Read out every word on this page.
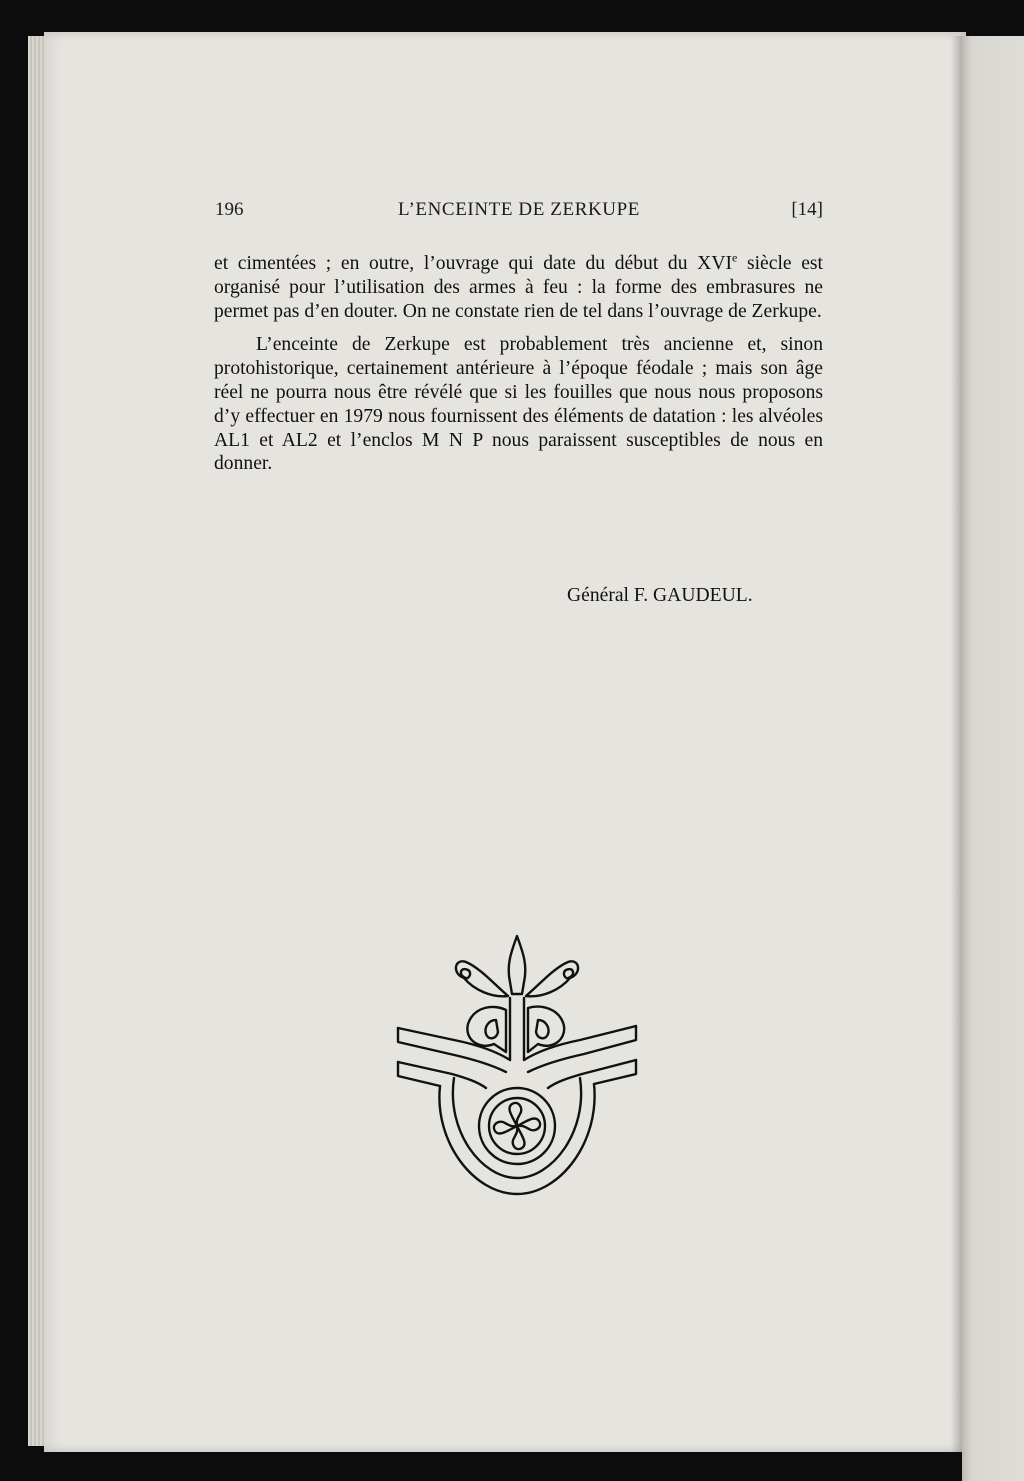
196	L’ENCEINTE DE ZERKUPE	[14]

et cimentées ; en outre, l’ouvrage qui date du début du XVIe siècle est organisé pour l’utilisation des armes à feu : la forme des embrasures ne permet pas d’en douter. On ne constate rien de tel dans l’ouvrage de Zerkupe.

L’enceinte de Zerkupe est probablement très ancienne et, sinon protohistorique, certainement antérieure à l’époque féodale ; mais son âge réel ne pourra nous être révélé que si les fouilles que nous nous proposons d’y effectuer en 1979 nous fournissent des éléments de datation : les alvéoles AL1 et AL2 et l’enclos M N P nous paraissent susceptibles de nous en donner.

Général F. GAUDEUL.
